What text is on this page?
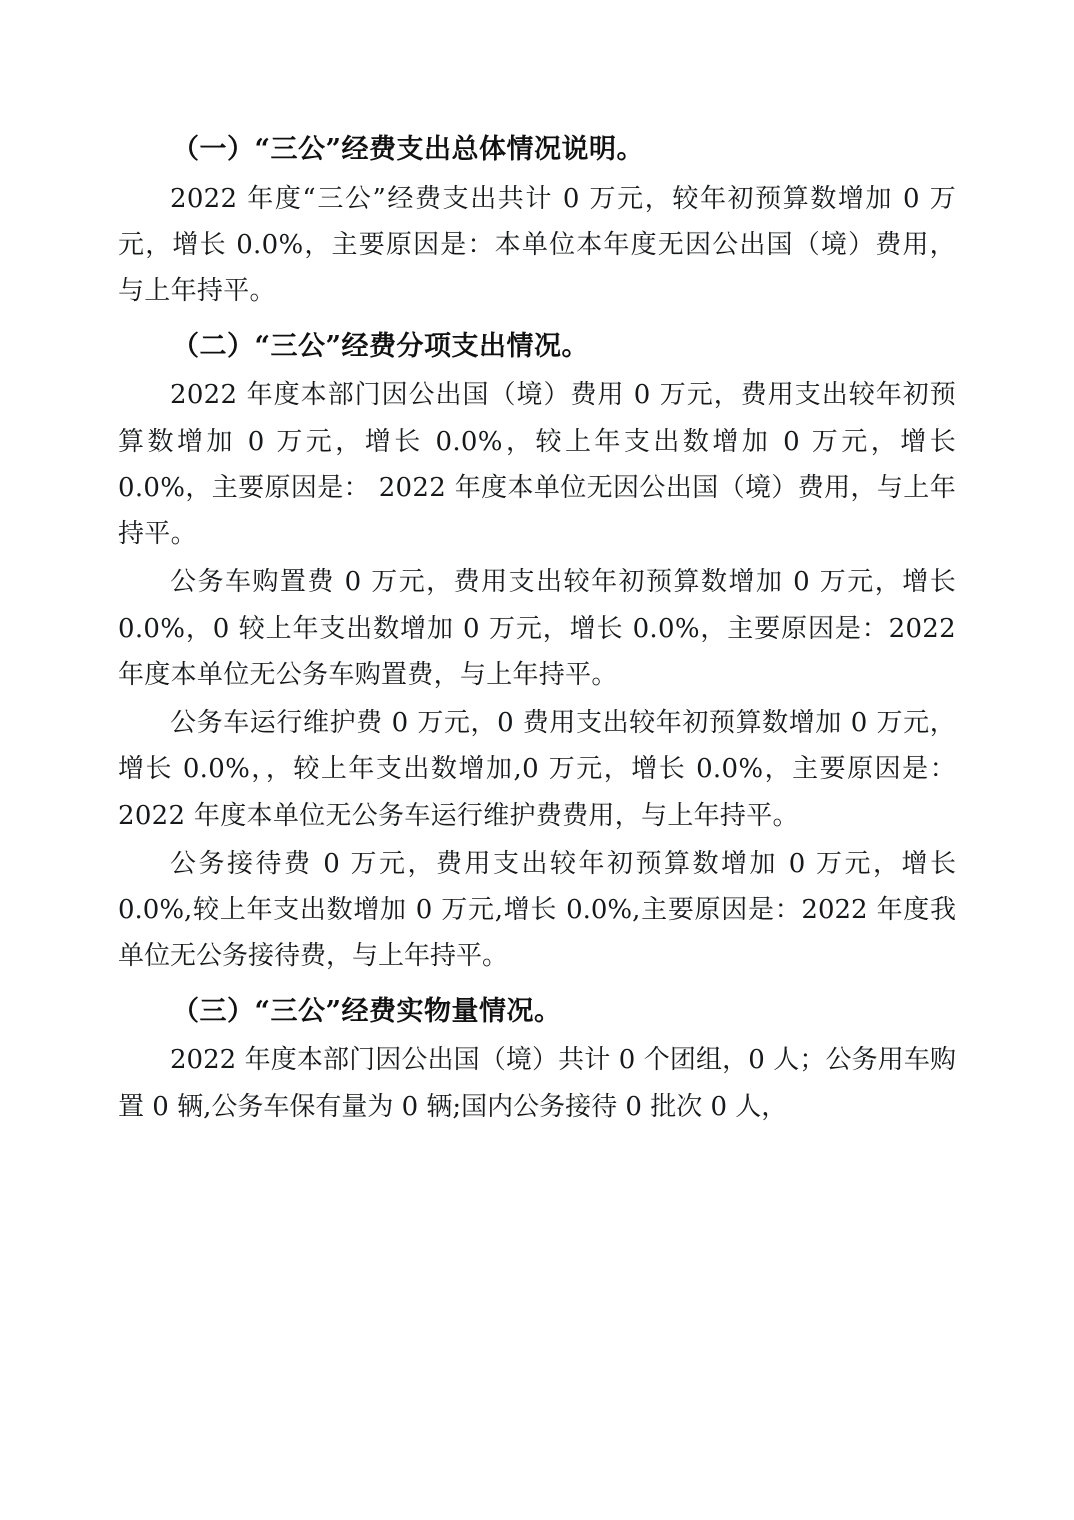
（一）“三公”经费支出总体情况说明。

2022 年度“三公”经费支出共计 0 万元，较年初预算数增加 0 万元，增长 0.0%，主要原因是：本单位本年度无因公出国（境）费用，与上年持平。

（二）“三公”经费分项支出情况。

2022 年度本部门因公出国（境）费用 0 万元，费用支出较年初预算数增加 0 万元，增长 0.0%，较上年支出数增加 0 万元，增长 0.0%，主要原因是： 2022 年度本单位无因公出国（境）费用，与上年持平。

公务车购置费 0 万元，费用支出较年初预算数增加 0 万元，增长 0.0%，0 较上年支出数增加 0 万元，增长 0.0%，主要原因是：2022 年度本单位无公务车购置费，与上年持平。

公务车运行维护费 0 万元，0 费用支出较年初预算数增加 0 万元，增长 0.0%，，较上年支出数增加,0 万元，增长 0.0%，主要原因是：2022 年度本单位无公务车运行维护费费用，与上年持平。

公务接待费 0 万元，费用支出较年初预算数增加 0 万元，增长 0.0%,较上年支出数增加 0 万元,增长 0.0%,主要原因是：2022 年度我单位无公务接待费，与上年持平。

（三）“三公”经费实物量情况。

2022 年度本部门因公出国（境）共计 0 个团组，0 人；公务用车购置 0 辆,公务车保有量为 0 辆;国内公务接待 0 批次 0 人，
